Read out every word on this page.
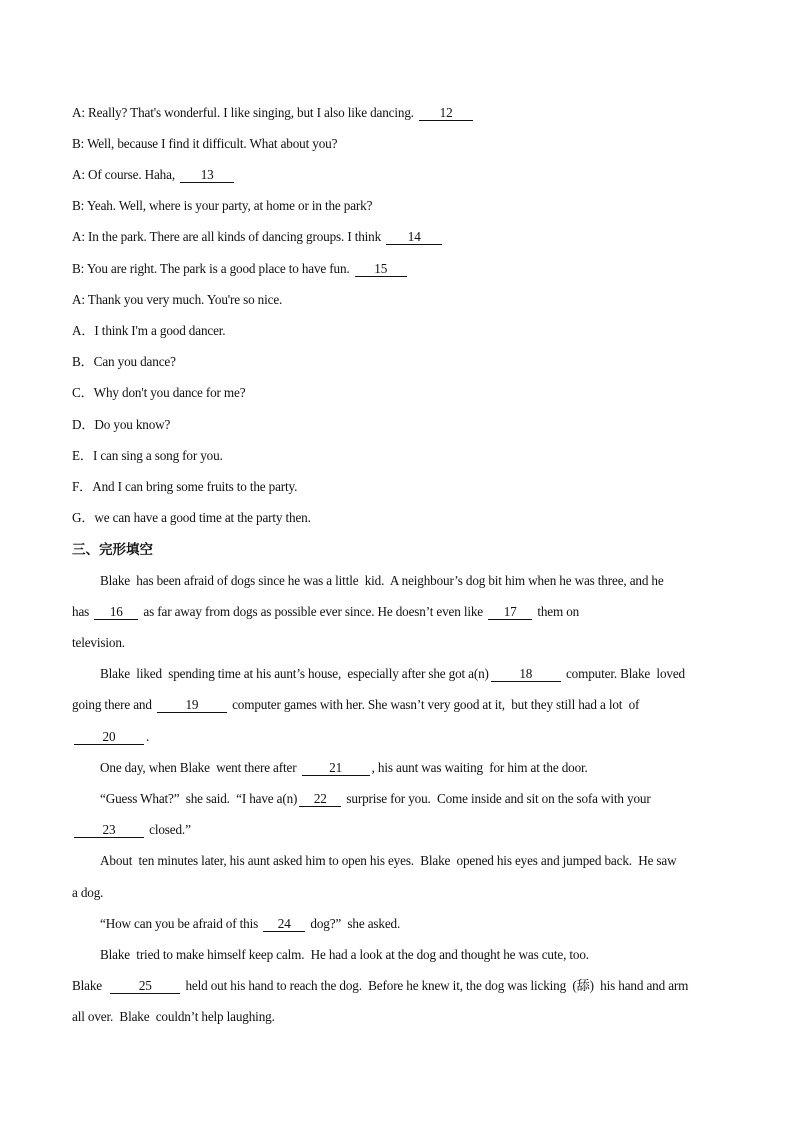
A: Really? That's wonderful. I like singing, but I also like dancing. 12
B: Well, because I find it difficult. What about you?
A: Of course. Haha, 13
B: Yeah. Well, where is your party, at home or in the park?
A: In the park. There are all kinds of dancing groups. I think 14
B: You are right. The park is a good place to have fun. 15
A: Thank you very much. You're so nice.
A．I think I'm a good dancer.
B．Can you dance?
C．Why don't you dance for me?
D．Do you know?
E．I can sing a song for you.
F．And I can bring some fruits to the party.
G．we can have a good time at the party then.
三、完形填空
Blake  has been afraid of dogs since he was a little  kid.  A neighbour’s dog bit him when he was three, and he
has 16 as far away from dogs as possible ever since. He doesn’t even like 17 them on
television.
Blake  liked  spending time at his aunt’s house,  especially after she got a(n) 18 computer. Blake  loved
going there and 19 computer games with her. She wasn’t very good at it,  but they still had a lot  of
20 .
One day, when Blake  went there after 21 , his aunt was waiting  for him at the door.
“Guess What?”  she said.  “I have a(n) 22 surprise for you.  Come inside and sit on the sofa with your
23 closed.”
About  ten minutes later, his aunt asked him to open his eyes.  Blake  opened his eyes and jumped back.  He saw
a dog.
“How can you be afraid of this 24 dog?”  she asked.
Blake  tried to make himself keep calm.  He had a look at the dog and thought he was cute, too.
Blake  25 held out his hand to reach the dog.  Before he knew it, the dog was licking  (舔)  his hand and arm
all over.  Blake  couldn’t help laughing.
